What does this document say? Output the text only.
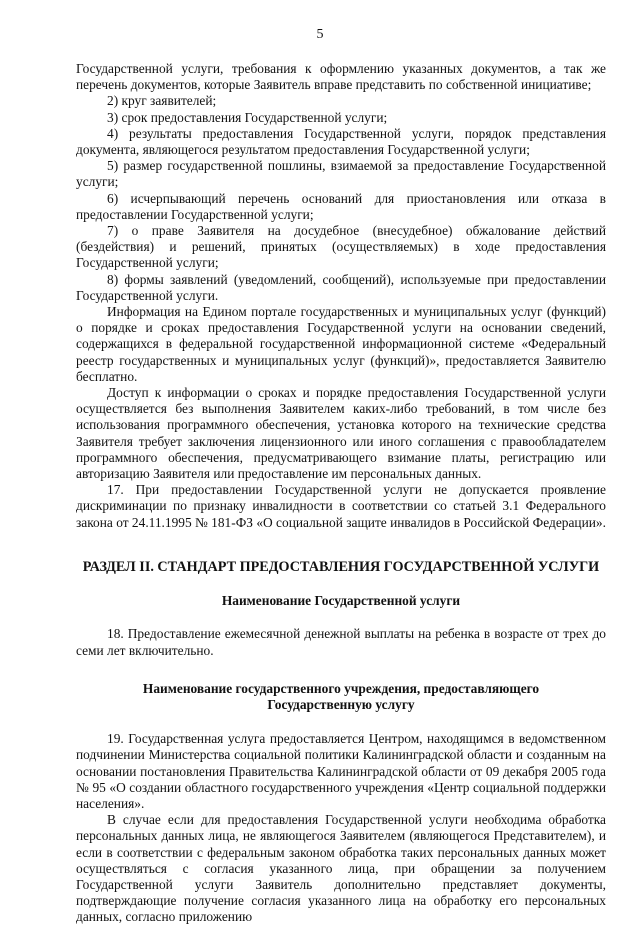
5

Государственной услуги, требования к оформлению указанных документов, а так же перечень документов, которые Заявитель вправе представить по собственной инициативе;

2) круг заявителей;

3) срок предоставления Государственной услуги;

4) результаты предоставления Государственной услуги, порядок представления документа, являющегося результатом предоставления Государственной услуги;

5) размер государственной пошлины, взимаемой за предоставление Государственной услуги;

6) исчерпывающий перечень оснований для приостановления или отказа в предоставлении Государственной услуги;

7) о праве Заявителя на досудебное (внесудебное) обжалование действий (бездействия) и решений, принятых (осуществляемых) в ходе предоставления Государственной услуги;

8) формы заявлений (уведомлений, сообщений), используемые при предоставлении Государственной услуги.

Информация на Едином портале государственных и муниципальных услуг (функций) о порядке и сроках предоставления Государственной услуги на основании сведений, содержащихся в федеральной государственной информационной системе «Федеральный реестр государственных и муниципальных услуг (функций)», предоставляется Заявителю бесплатно.

Доступ к информации о сроках и порядке предоставления Государственной услуги осуществляется без выполнения Заявителем каких-либо требований, в том числе без использования программного обеспечения, установка которого на технические средства Заявителя требует заключения лицензионного или иного соглашения с правообладателем программного обеспечения, предусматривающего взимание платы, регистрацию или авторизацию Заявителя или предоставление им персональных данных.

17. При предоставлении Государственной услуги не допускается проявление дискриминации по признаку инвалидности в соответствии со статьей 3.1 Федерального закона от 24.11.1995 № 181-ФЗ «О социальной защите инвалидов в Российской Федерации».

РАЗДЕЛ II. СТАНДАРТ ПРЕДОСТАВЛЕНИЯ ГОСУДАРСТВЕННОЙ УСЛУГИ

Наименование Государственной услуги

18. Предоставление ежемесячной денежной выплаты на ребенка в возрасте от трех до семи лет включительно.

Наименование государственного учреждения, предоставляющего

Государственную услугу

19. Государственная услуга предоставляется Центром, находящимся в ведомственном подчинении Министерства социальной политики Калининградской области и созданным на основании постановления Правительства Калининградской области от 09 декабря 2005 года № 95 «О создании областного государственного учреждения «Центр социальной поддержки населения».

В случае если для предоставления Государственной услуги необходима обработка персональных данных лица, не являющегося Заявителем (являющегося Представителем), и если в соответствии с федеральным законом обработка таких персональных данных может осуществляться с согласия указанного лица, при обращении за получением Государственной услуги Заявитель дополнительно представляет документы, подтверждающие получение согласия указанного лица на обработку его персональных данных, согласно приложению
